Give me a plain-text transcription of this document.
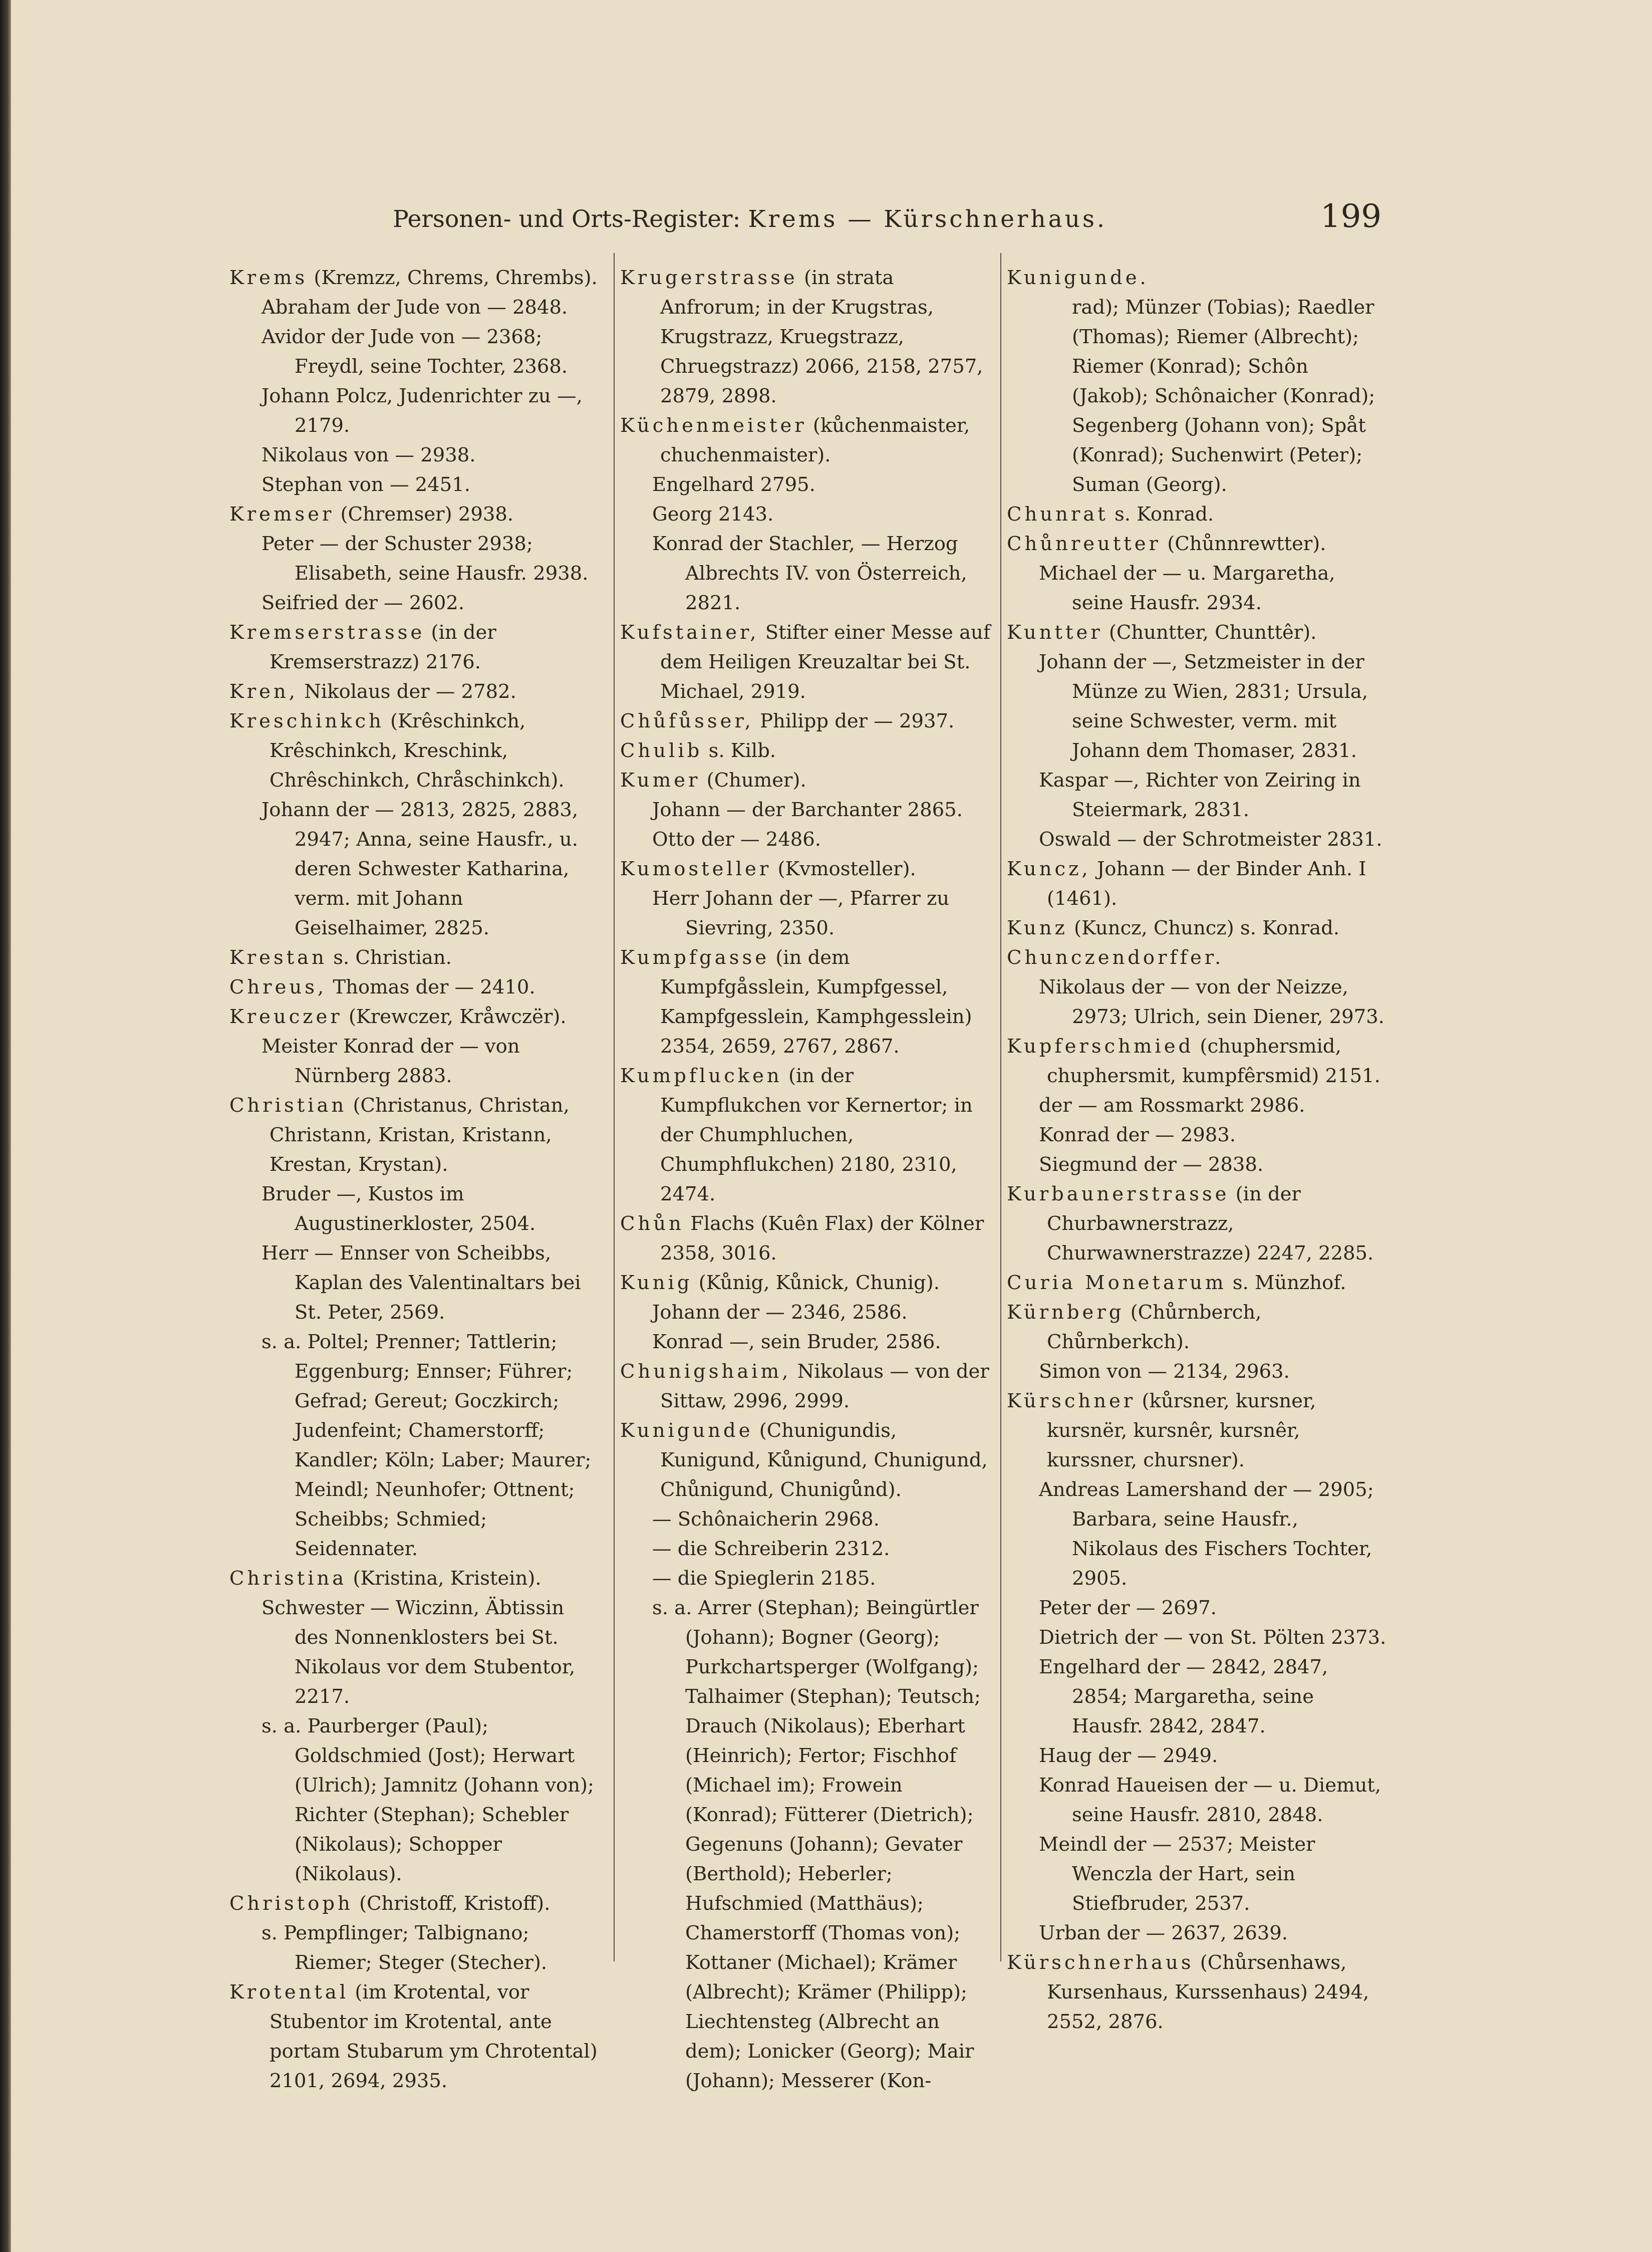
Personen- und Orts-Register: Krems — Kürschnerhaus.	199

Krems (Kremzz, Chrems, Chrembs).

Abraham der Jude von — 2848.

Avidor der Jude von — 2368; Freydl, seine Tochter, 2368.

Johann Polcz, Judenrichter zu —, 2179.

Nikolaus von — 2938.

Stephan von — 2451.

Kremser (Chremser) 2938.

Peter — der Schuster 2938; Elisabeth, seine Hausfr. 2938.

Seifried der — 2602.

Kremserstrasse (in der Kremserstrazz) 2176.

Kren, Nikolaus der — 2782.

Kreschinkch (Krêschinkch, Krêschinkch, Kreschink, Chrêschinkch, Chråschinkch).

Johann der — 2813, 2825, 2883, 2947; Anna, seine Hausfr., u. deren Schwester Katharina, verm. mit Johann Geiselhaimer, 2825.

Krestan s. Christian.

Chreus, Thomas der — 2410.

Kreuczer (Krewczer, Kråwczër).

Meister Konrad der — von Nürnberg 2883.

Christian (Christanus, Christan, Christann, Kristan, Kristann, Krestan, Krystan).

Bruder —, Kustos im Augustinerkloster, 2504.

Herr — Ennser von Scheibbs, Kaplan des Valentinaltars bei St. Peter, 2569.

s. a. Poltel; Prenner; Tattlerin; Eggenburg; Ennser; Führer; Gefrad; Gereut; Goczkirch; Judenfeint; Chamerstorff; Kandler; Köln; Laber; Maurer; Meindl; Neunhofer; Ottnent; Scheibbs; Schmied; Seidennater.

Christina (Kristina, Kristein).

Schwester — Wiczinn, Äbtissin des Nonnenklosters bei St. Nikolaus vor dem Stubentor, 2217.

s. a. Paurberger (Paul); Goldschmied (Jost); Herwart (Ulrich); Jamnitz (Johann von); Richter (Stephan); Schebler (Nikolaus); Schopper (Nikolaus).

Christoph (Christoff, Kristoff).

s. Pempflinger; Talbignano; Riemer; Steger (Stecher).

Krotental (im Krotental, vor Stubentor im Krotental, ante portam Stubarum ym Chrotental) 2101, 2694, 2935.

Krugerstrasse (in strata Anfrorum; in der Krugstras, Krugstrazz, Kruegstrazz, Chruegstrazz) 2066, 2158, 2757, 2879, 2898.

Küchenmeister (kůchenmaister, chuchenmaister).

Engelhard 2795.

Georg 2143.

Konrad der Stachler, — Herzog Albrechts IV. von Österreich, 2821.

Kufstainer, Stifter einer Messe auf dem Heiligen Kreuzaltar bei St. Michael, 2919.

Chůfůsser, Philipp der — 2937.

Chulib s. Kilb.

Kumer (Chumer).

Johann — der Barchanter 2865.

Otto der — 2486.

Kumosteller (Kvmosteller).

Herr Johann der —, Pfarrer zu Sievring, 2350.

Kumpfgasse (in dem Kumpfgåsslein, Kumpfgessel, Kampfgesslein, Kamphgesslein) 2354, 2659, 2767, 2867.

Kumpflucken (in der Kumpflukchen vor Kernertor; in der Chumphluchen, Chumphflukchen) 2180, 2310, 2474.

Chůn Flachs (Kuên Flax) der Kölner 2358, 3016.

Kunig (Kůnig, Kůnick, Chunig).

Johann der — 2346, 2586.

Konrad —, sein Bruder, 2586.

Chunigshaim, Nikolaus — von der Sittaw, 2996, 2999.

Kunigunde (Chunigundis, Kunigund, Kůnigund, Chunigund, Chůnigund, Chunigůnd).

— Schônaicherin 2968.

— die Schreiberin 2312.

— die Spieglerin 2185.

s. a. Arrer (Stephan); Beingürtler (Johann); Bogner (Georg); Purkchartsperger (Wolfgang); Talhaimer (Stephan); Teutsch; Drauch (Nikolaus); Eberhart (Heinrich); Fertor; Fischhof (Michael im); Frowein (Konrad); Fütterer (Dietrich); Gegenuns (Johann); Gevater (Berthold); Heberler; Hufschmied (Matthäus); Chamerstorff (Thomas von); Kottaner (Michael); Krämer (Albrecht); Krämer (Philipp); Liechtensteg (Albrecht an dem); Lonicker (Georg); Mair (Johann); Messerer (Kon-

Kunigunde.

rad); Münzer (Tobias); Raedler (Thomas); Riemer (Albrecht); Riemer (Konrad); Schôn (Jakob); Schônaicher (Konrad); Segenberg (Johann von); Spåt (Konrad); Suchenwirt (Peter); Suman (Georg).

Chunrat s. Konrad.

Chůnreutter (Chůnnrewtter).

Michael der — u. Margaretha, seine Hausfr. 2934.

Kuntter (Chuntter, Chunttêr).

Johann der —, Setzmeister in der Münze zu Wien, 2831; Ursula, seine Schwester, verm. mit Johann dem Thomaser, 2831.

Kaspar —, Richter von Zeiring in Steiermark, 2831.

Oswald — der Schrotmeister 2831.

Kuncz, Johann — der Binder Anh. I (1461).

Kunz (Kuncz, Chuncz) s. Konrad.

Chunczendorffer.

Nikolaus der — von der Neizze, 2973; Ulrich, sein Diener, 2973.

Kupferschmied (chuphersmid, chuphersmit, kumpfêrsmid) 2151.

der — am Rossmarkt 2986.

Konrad der — 2983.

Siegmund der — 2838.

Kurbaunerstrasse (in der Churbawnerstrazz, Churwawnerstrazze) 2247, 2285.

Curia Monetarum s. Münzhof.

Kürnberg (Chůrnberch, Chůrnberkch).

Simon von — 2134, 2963.

Kürschner (kůrsner, kursner, kursnër, kursnêr, kursnêr, kurssner, chursner).

Andreas Lamershand der — 2905; Barbara, seine Hausfr., Nikolaus des Fischers Tochter, 2905.

Peter der — 2697.

Dietrich der — von St. Pölten 2373.

Engelhard der — 2842, 2847, 2854; Margaretha, seine Hausfr. 2842, 2847.

Haug der — 2949.

Konrad Haueisen der — u. Diemut, seine Hausfr. 2810, 2848.

Meindl der — 2537; Meister Wenczla der Hart, sein Stiefbruder, 2537.

Urban der — 2637, 2639.

Kürschnerhaus (Chůrsenhaws, Kursenhaus, Kurssenhaus) 2494, 2552, 2876.
